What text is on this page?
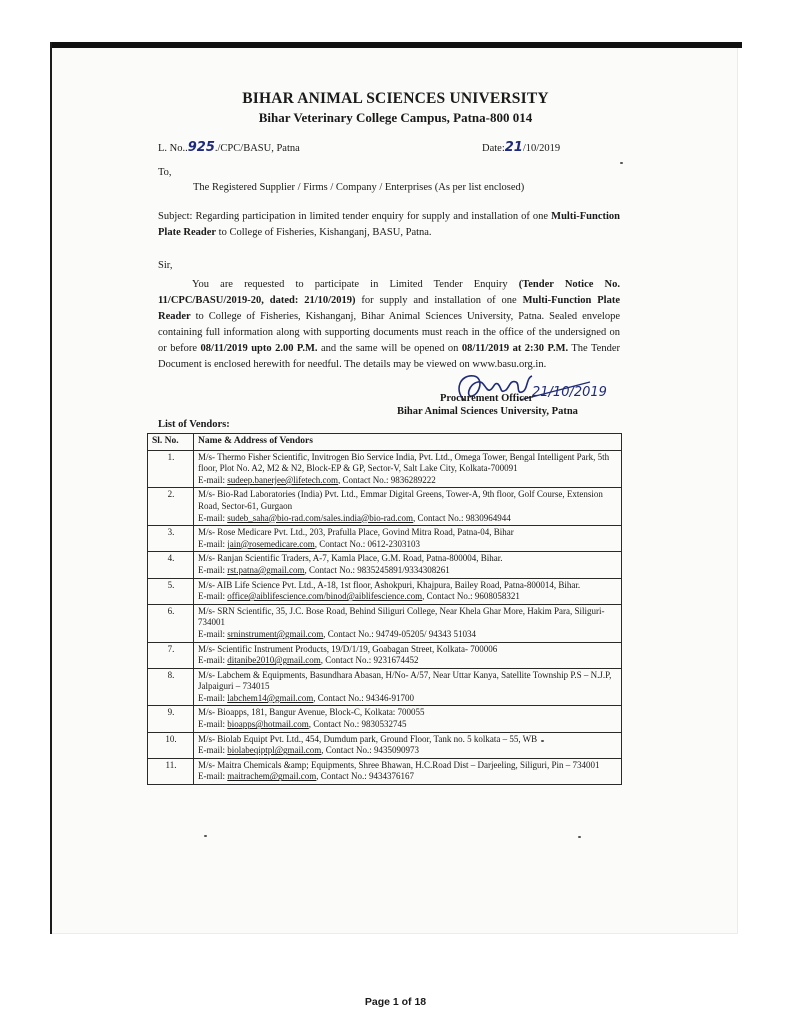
BIHAR ANIMAL SCIENCES UNIVERSITY
Bihar Veterinary College Campus, Patna-800 014
L. No..925./CPC/BASU, Patna	Date:21/10/2019
To,
The Registered Supplier / Firms / Company / Enterprises (As per list enclosed)
Subject: Regarding participation in limited tender enquiry for supply and installation of one Multi-Function Plate Reader to College of Fisheries, Kishanganj, BASU, Patna.
Sir,
You are requested to participate in Limited Tender Enquiry (Tender Notice No. 11/CPC/BASU/2019-20, dated: 21/10/2019) for supply and installation of one Multi-Function Plate Reader to College of Fisheries, Kishanganj, Bihar Animal Sciences University, Patna. Sealed envelope containing full information along with supporting documents must reach in the office of the undersigned on or before 08/11/2019 upto 2.00 P.M. and the same will be opened on 08/11/2019 at 2:30 P.M. The Tender Document is enclosed herewith for needful. The details may be viewed on www.basu.org.in.
21/10/2019
Procurement Officer
Bihar Animal Sciences University, Patna
List of Vendors:
Sl. No.	Name & Address of Vendors
1.	M/s- Thermo Fisher Scientific, Invitrogen Bio Service India, Pvt. Ltd., Omega Tower, Bengal Intelligent Park, 5th floor, Plot No. A2, M2 & N2, Block-EP & GP, Sector-V, Salt Lake City, Kolkata-700091
E-mail: sudeep.banerjee@lifetech.com, Contact No.: 9836289222

2.	M/s- Bio-Rad Laboratories (India) Pvt. Ltd., Emmar Digital Greens, Tower-A, 9th floor, Golf Course, Extension Road, Sector-61, Gurgaon
E-mail: sudeb_saha@bio-rad.com/sales.india@bio-rad.com, Contact No.: 9830964944

3.	M/s- Rose Medicare Pvt. Ltd., 203, Prafulla Place, Govind Mitra Road, Patna-04, Bihar
E-mail: jain@rosemedicare.com, Contact No.: 0612-2303103

4.	M/s- Ranjan Scientific Traders, A-7, Kamla Place, G.M. Road, Patna-800004, Bihar.
E-mail: rst.patna@gmail.com, Contact No.: 9835245891/9334308261

5.	M/s- AIB Life Science Pvt. Ltd., A-18, 1st floor, Ashokpuri, Khajpura, Bailey Road, Patna-800014, Bihar.
E-mail: office@aiblifescience.com/binod@aiblifescience.com, Contact No.: 9608058321

6.	M/s- SRN Scientific, 35, J.C. Bose Road, Behind Siliguri College, Near Khela Ghar More, Hakim Para, Siliguri- 734001
E-mail: srninstrument@gmail.com, Contact No.: 94749-05205/ 94343 51034

7.	M/s- Scientific Instrument Products, 19/D/1/19, Goabagan Street, Kolkata- 700006
E-mail: ditanibe2010@gmail.com, Contact No.: 9231674452

8.	M/s- Labchem & Equipments, Basundhara Abasan, H/No- A/57, Near Uttar Kanya, Satellite Township P.S – N.J.P, Jalpaiguri – 734015
E-mail: labchem14@gmail.com, Contact No.: 94346-91700

9.	M/s- Bioapps, 181, Bangur Avenue, Block-C, Kolkata: 700055
E-mail: bioapps@hotmail.com, Contact No.: 9830532745

10.	M/s- Biolab Equipt Pvt. Ltd., 454, Dumdum park, Ground Floor, Tank no. 5 kolkata – 55, WB
E-mail: biolabeqiptpl@gmail.com, Contact No.: 9435090973

11.	M/s- Maitra Chemicals &amp; Equipments, Shree Bhawan, H.C.Road Dist – Darjeeling, Siliguri, Pin – 734001
E-mail: maitrachem@gmail.com, Contact No.: 9434376167
Page 1 of 18
